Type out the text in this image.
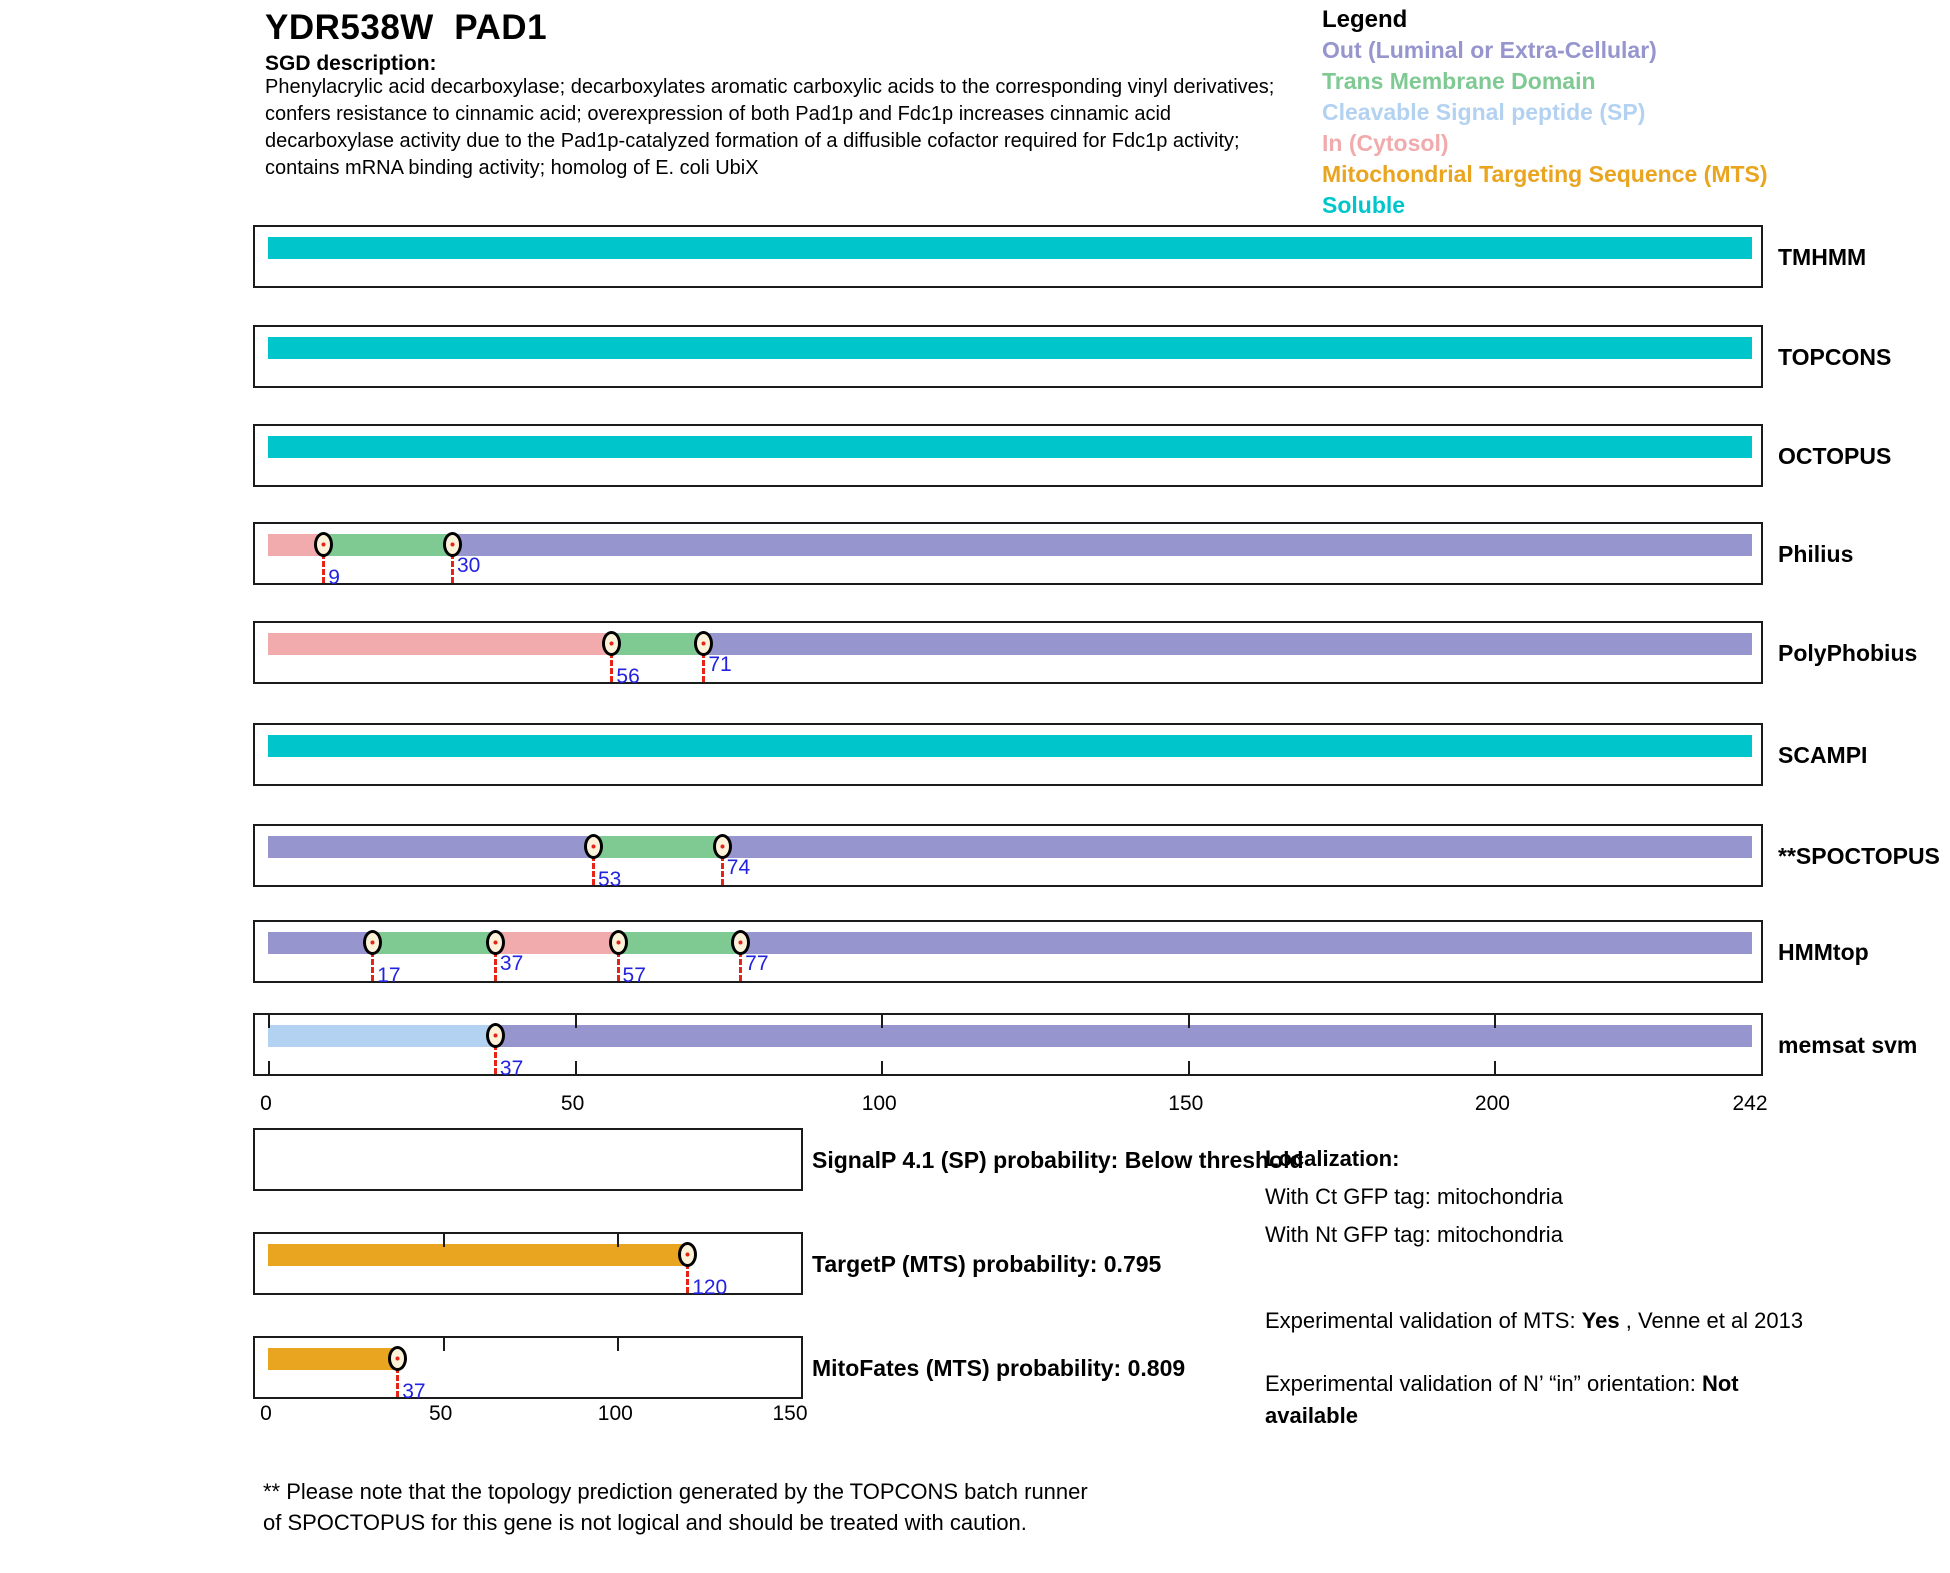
YDR538W  PAD1
SGD description:
Phenylacrylic acid decarboxylase; decarboxylates aromatic carboxylic acids to the corresponding vinyl derivatives; confers resistance to cinnamic acid; overexpression of both Pad1p and Fdc1p increases cinnamic acid decarboxylase activity due to the Pad1p-catalyzed formation of a diffusible cofactor required for Fdc1p activity; contains mRNA binding activity; homolog of E. coli UbiX
Legend
Out (Luminal or Extra-Cellular)
Trans Membrane Domain
Cleavable Signal peptide (SP)
In (Cytosol)
Mitochondrial Targeting Sequence (MTS)
Soluble
TMHMM
TOPCONS
OCTOPUS
9
30	Philius
56
71	PolyPhobius
SCAMPI
53
74	**SPOCTOPUS
17
37
57
77	HMMtop
37
memsat svm
0	50	100	150	200	242
SignalP 4.1 (SP) probability: Below threshold
120
TargetP (MTS) probability: 0.795
37
MitoFates (MTS) probability: 0.809
0	50	100	150
Localization:
With Ct GFP tag: mitochondria
With Nt GFP tag: mitochondria
Experimental validation of MTS: Yes , Venne et al 2013
Experimental validation of N’ “in” orientation: Not available
** Please note that the topology prediction generated by the TOPCONS batch runner of SPOCTOPUS for this gene is not logical and should be treated with caution.
